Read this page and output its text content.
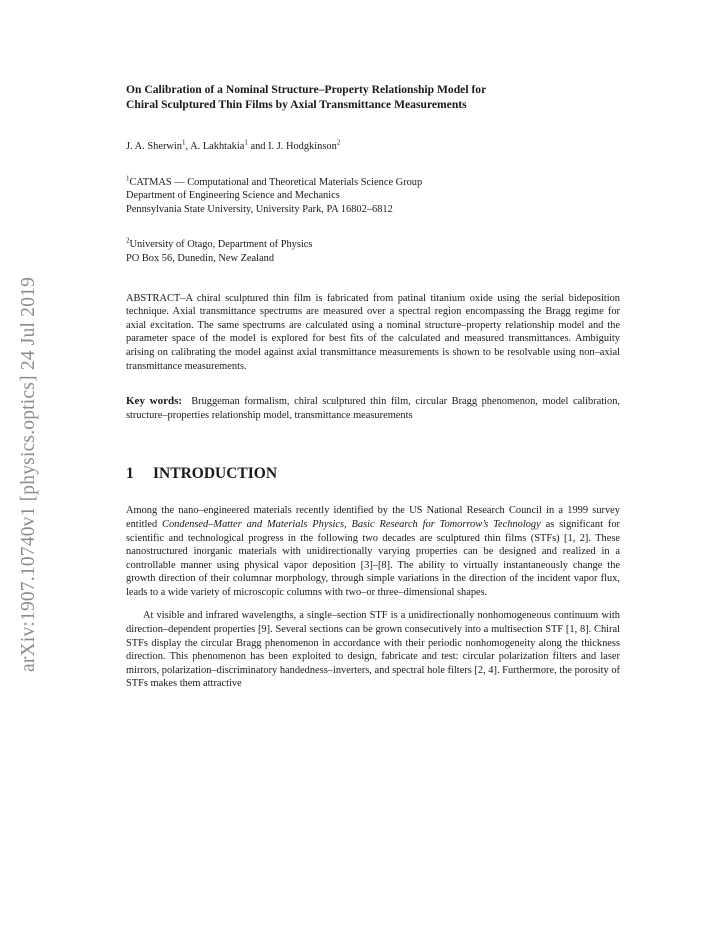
arXiv:1907.10740v1 [physics.optics] 24 Jul 2019
On Calibration of a Nominal Structure–Property Relationship Model for
Chiral Sculptured Thin Films by Axial Transmittance Measurements
J. A. Sherwin$^1$, A. Lakhtakia$^1$ and I. J. Hodgkinson$^2$
$^1$CATMAS — Computational and Theoretical Materials Science Group
Department of Engineering Science and Mechanics
Pennsylvania State University, University Park, PA 16802–6812
$^2$University of Otago, Department of Physics
PO Box 56, Dunedin, New Zealand
ABSTRACT–A chiral sculptured thin film is fabricated from patinal titanium oxide using the serial bideposition technique. Axial transmittance spectrums are measured over a spectral region encompassing the Bragg regime for axial excitation. The same spectrums are calculated using a nominal structure–property relationship model and the parameter space of the model is explored for best fits of the calculated and measured transmittances. Ambiguity arising on calibrating the model against axial transmittance measurements is shown to be resolvable using non–axial transmittance measurements.
Key words: Bruggeman formalism, chiral sculptured thin film, circular Bragg phenomenon, model calibration, structure–properties relationship model, transmittance measurements
1 INTRODUCTION
Among the nano–engineered materials recently identified by the US National Research Council in a 1999 survey entitled Condensed–Matter and Materials Physics, Basic Research for Tomorrow’s Technology as significant for scientific and technological progress in the following two decades are sculptured thin films (STFs) [1, 2]. These nanostructured inorganic materials with unidirectionally varying properties can be designed and realized in a controllable manner using physical vapor deposition [3]–[8]. The ability to virtually instantaneously change the growth direction of their columnar morphology, through simple variations in the direction of the incident vapor flux, leads to a wide variety of microscopic columns with two–or three–dimensional shapes.
At visible and infrared wavelengths, a single–section STF is a unidirectionally nonhomogeneous continuum with direction–dependent properties [9]. Several sections can be grown consecutively into a multisection STF [1, 8]. Chiral STFs display the circular Bragg phenomenon in accordance with their periodic nonhomogeneity along the thickness direction. This phenomenon has been exploited to design, fabricate and test: circular polarization filters and laser mirrors, polarization–discriminatory handedness–inverters, and spectral hole filters [2, 4]. Furthermore, the porosity of STFs makes them attractive
